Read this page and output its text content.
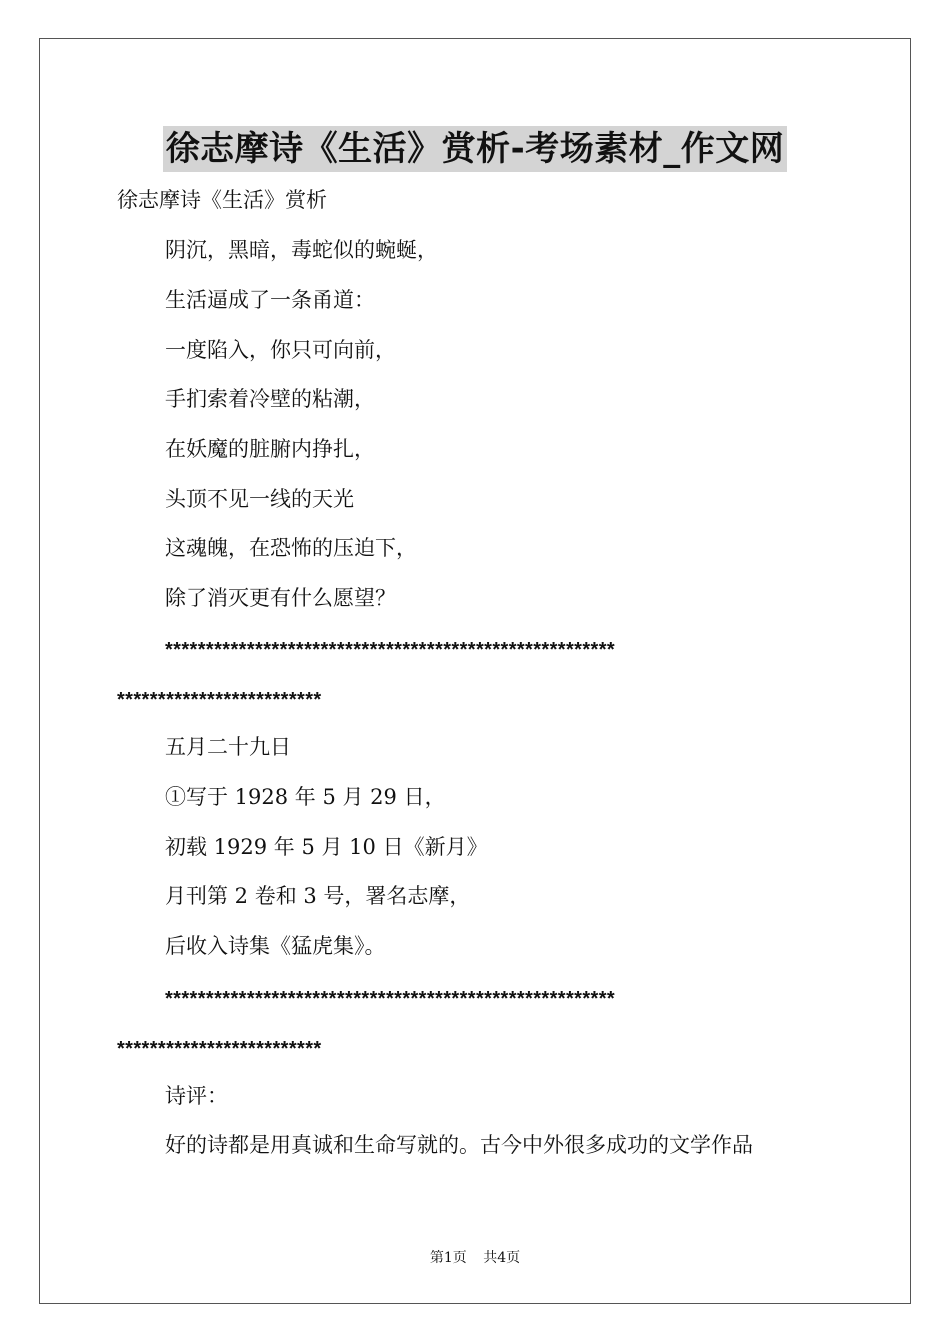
徐志摩诗《生活》赏析-考场素材_作文网
徐志摩诗《生活》赏析
阴沉，黑暗，毒蛇似的蜿蜒，
生活逼成了一条甬道：
一度陷入，你只可向前，
手扪索着冷壁的粘潮，
在妖魔的脏腑内挣扎，
头顶不见一线的天光
这魂魄，在恐怖的压迫下，
除了消灭更有什么愿望？
*******************************************************
*************************
五月二十九日
①写于 1928 年 5 月 29 日，
初载 1929 年 5 月 10 日《新月》
月刊第 2 卷和 3 号，署名志摩，
后收入诗集《猛虎集》。
*******************************************************
*************************
诗评：
好的诗都是用真诚和生命写就的。古今中外很多成功的文学作品
第1页 共4页
